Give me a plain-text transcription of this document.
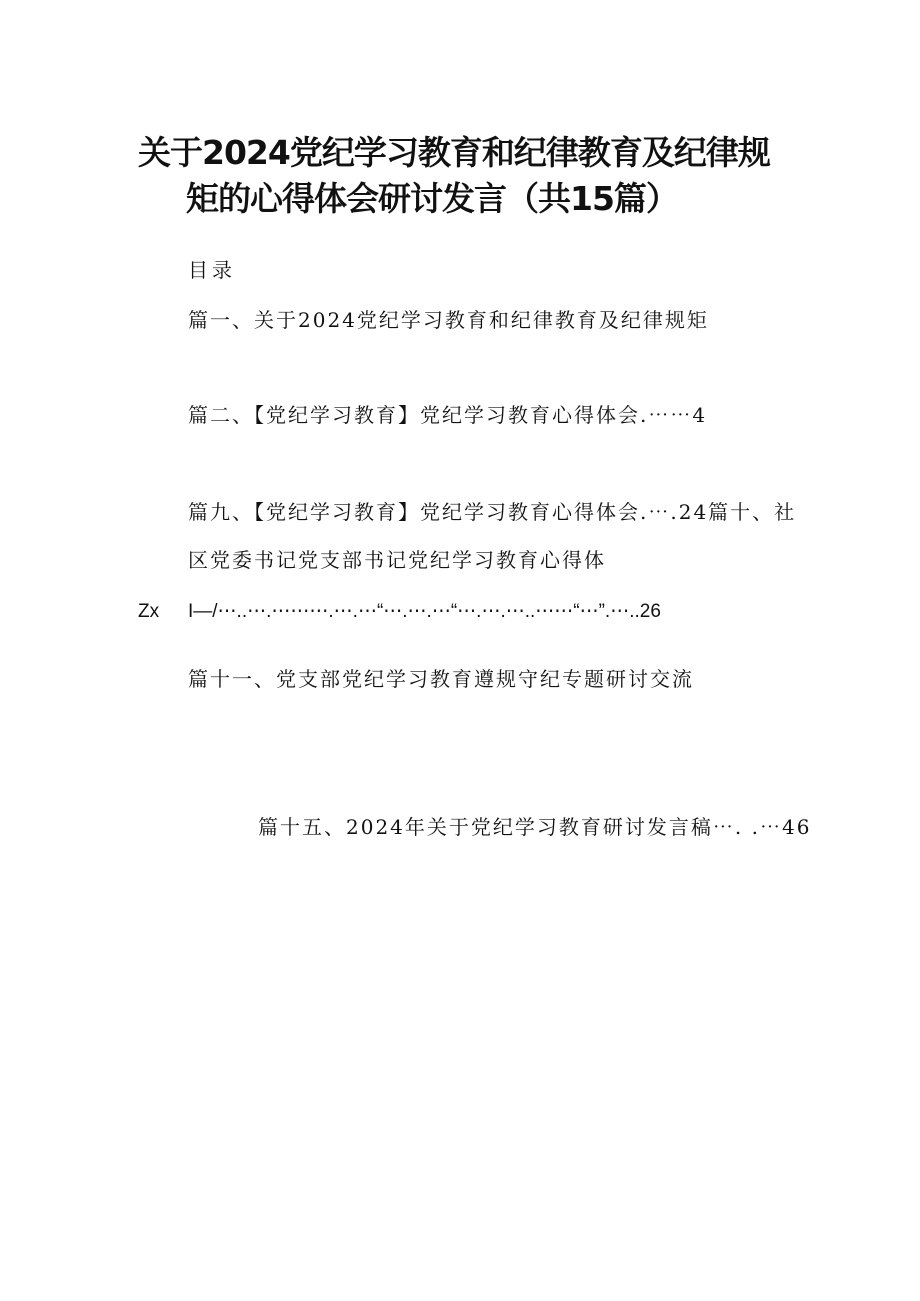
关于2024党纪学习教育和纪律教育及纪律规
矩的心得体会研讨发言（共15篇）
目录
篇一、关于2024党纪学习教育和纪律教育及纪律规矩
篇二、【党纪学习教育】党纪学习教育心得体会.⋯⋯4
篇九、【党纪学习教育】党纪学习教育心得体会.⋯.24篇十、社
区党委书记党支部书记党纪学习教育心得体
Zx I—/⋯..⋯.⋯⋯⋯.⋯.⋯“⋯.⋯.⋯“⋯.⋯.⋯..⋯⋯“⋯”.⋯..26
篇十一、党支部党纪学习教育遵规守纪专题研讨交流
篇十五、2024年关于党纪学习教育研讨发言稿⋯. .⋯46
